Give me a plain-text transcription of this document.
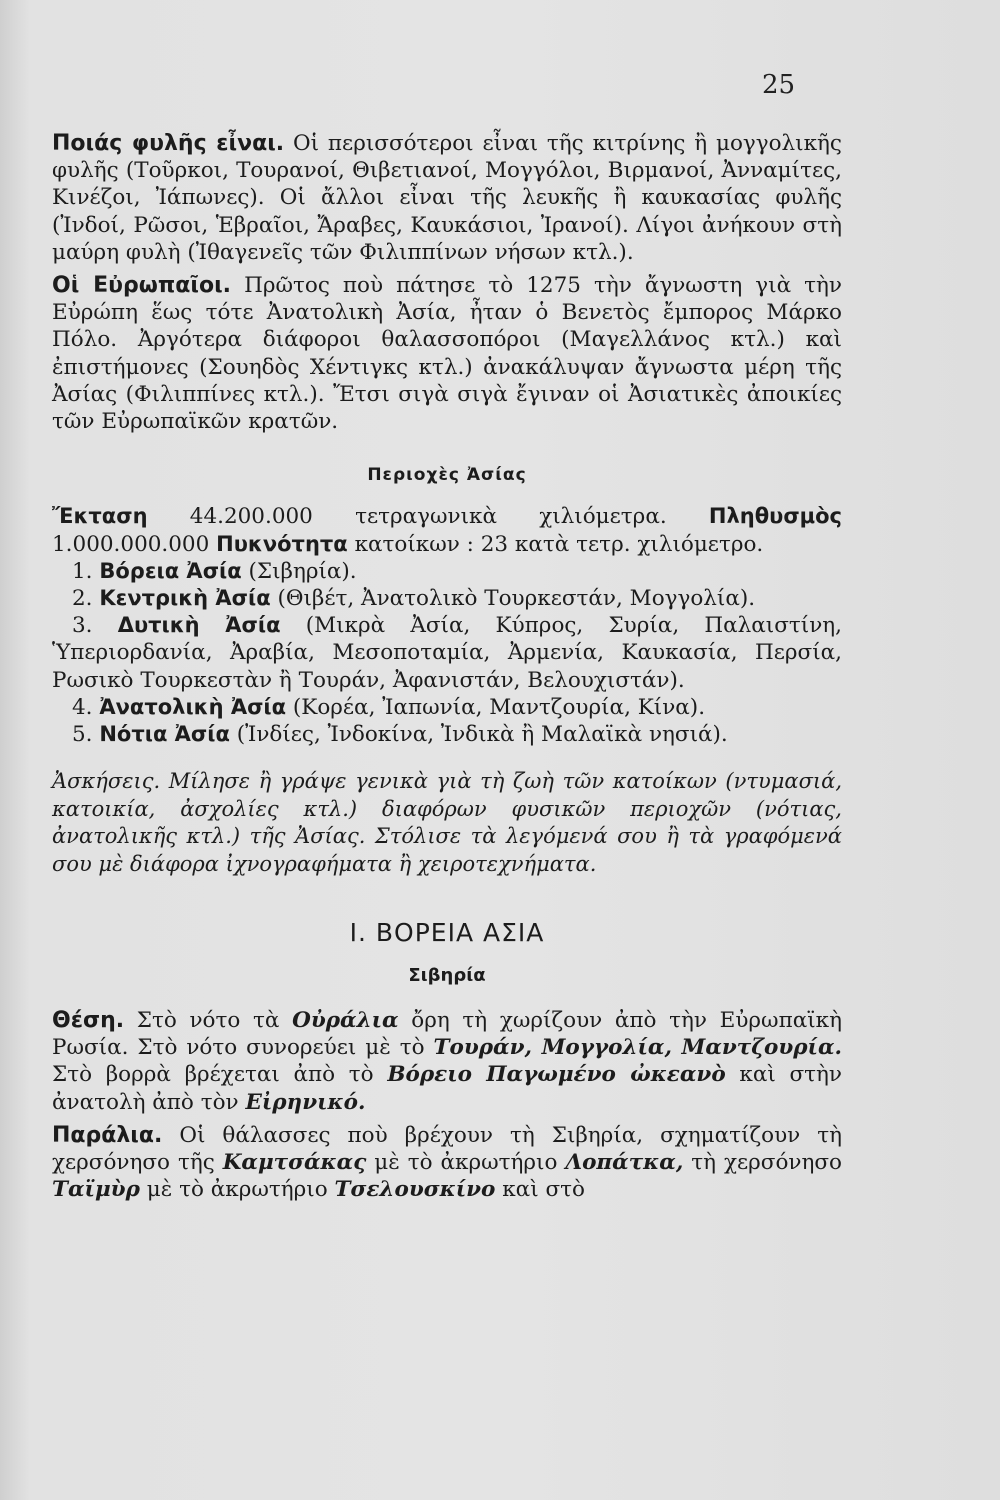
25

Ποιάς φυλῆς εἶναι. Οἱ περισσότεροι εἶναι τῆς κιτρίνης ἢ μογγολικῆς φυλῆς (Τοῦρκοι, Τουρανοί, Θιβετιανοί, Μογγόλοι, Βιρμανοί, Ἀνναμίτες, Κινέζοι, Ἰάπωνες). Οἱ ἄλλοι εἶναι τῆς λευκῆς ἢ καυκασίας φυλῆς (Ἰνδοί, Ρῶσοι, Ἑβραῖοι, Ἄραβες, Καυκάσιοι, Ἰρανοί). Λίγοι ἀνήκουν στὴ μαύρη φυλὴ (Ἰθαγενεῖς τῶν Φιλιππίνων νήσων κτλ.).

Οἱ Εὐρωπαῖοι. Πρῶτος ποὺ πάτησε τὸ 1275 τὴν ἄγνωστη γιὰ τὴν Εὐρώπη ἕως τότε Ἀνατολικὴ Ἀσία, ἦταν ὁ Βενετὸς ἔμπορος Μάρκο Πόλο. Ἀργότερα διάφοροι θαλασσοπόροι (Μαγελλάνος κτλ.) καὶ ἐπιστήμονες (Σουηδὸς Χέντιγκς κτλ.) ἀνακάλυψαν ἄγνωστα μέρη τῆς Ἀσίας (Φιλιππίνες κτλ.). Ἔτσι σιγὰ σιγὰ ἔγιναν οἱ Ἀσιατικὲς ἀποικίες τῶν Εὐρωπαϊκῶν κρατῶν.

Περιοχὲς Ἀσίας

Ἔκταση 44.200.000 τετραγωνικὰ χιλιόμετρα. Πληθυσμὸς 1.000.000.000 Πυκνότητα κατοίκων : 23 κατὰ τετρ. χιλιόμετρο.

1. Βόρεια Ἀσία (Σιβηρία).
2. Κεντρικὴ Ἀσία (Θιβέτ, Ἀνατολικὸ Τουρκεστάν, Μογγολία).
3. Δυτικὴ Ἀσία (Μικρὰ Ἀσία, Κύπρος, Συρία, Παλαιστίνη, Ὑπεριορδανία, Ἀραβία, Μεσοποταμία, Ἀρμενία, Καυκασία, Περσία, Ρωσικὸ Τουρκεστὰν ἢ Τουράν, Ἀφανιστάν, Βελουχιστάν).
4. Ἀνατολικὴ Ἀσία (Κορέα, Ἰαπωνία, Μαντζουρία, Κίνα).
5. Νότια Ἀσία (Ἰνδίες, Ἰνδοκίνα, Ἰνδικὰ ἢ Μαλαϊκὰ νησιά).

Ἀσκήσεις. Μίλησε ἢ γράψε γενικὰ γιὰ τὴ ζωὴ τῶν κατοίκων (ντυμασιά, κατοικία, ἀσχολίες κτλ.) διαφόρων φυσικῶν περιοχῶν (νότιας, ἀνατολικῆς κτλ.) τῆς Ἀσίας. Στόλισε τὰ λεγόμενά σου ἢ τὰ γραφόμενά σου μὲ διάφορα ἰχνογραφήματα ἢ χειροτεχνήματα.

Ι. ΒΟΡΕΙΑ ΑΣΙΑ
Σιβηρία

Θέση. Στὸ νότο τὰ Οὐράλια ὄρη τὴ χωρίζουν ἀπὸ τὴν Εὐρωπαϊκὴ Ρωσία. Στὸ νότο συνορεύει μὲ τὸ Τουράν, Μογγολία, Μαντζουρία. Στὸ βορρὰ βρέχεται ἀπὸ τὸ Βόρειο Παγωμένο ὠκεανὸ καὶ στὴν ἀνατολὴ ἀπὸ τὸν Εἰρηνικό.

Παράλια. Οἱ θάλασσες ποὺ βρέχουν τὴ Σιβηρία, σχηματίζουν τὴ χερσόνησο τῆς Καμτσάκας μὲ τὸ ἀκρωτήριο Λοπάτκα, τὴ χερσόνησο Ταϊμὺρ μὲ τὸ ἀκρωτήριο Τσελουσκίνο καὶ στὸ
